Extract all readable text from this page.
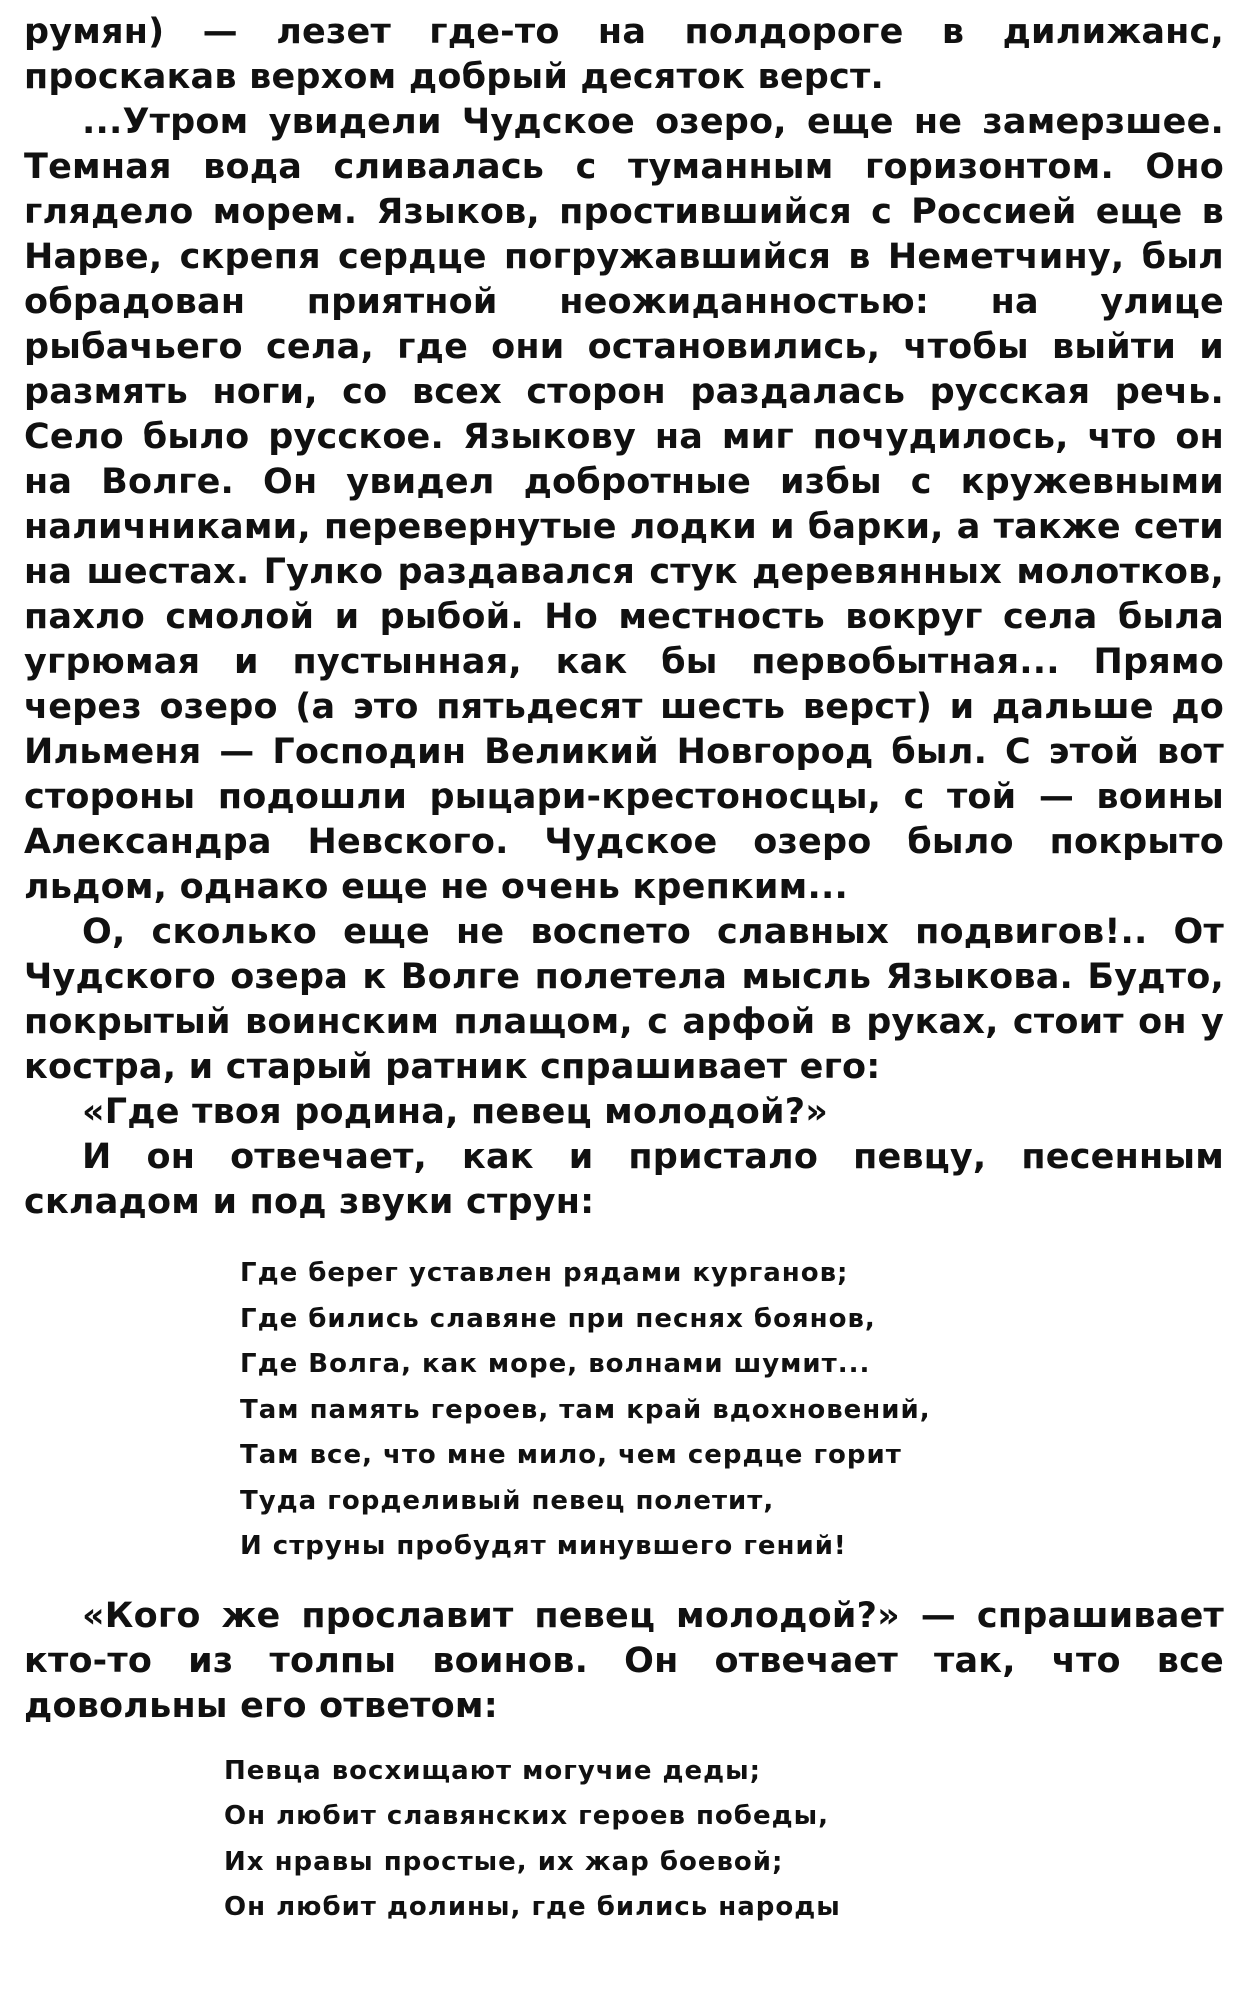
румян) — лезет где-то на полдороге в дилижанс, проскакав верхом добрый десяток верст.

...Утром увидели Чудское озеро, еще не замерзшее. Темная вода сливалась с туманным горизонтом. Оно глядело морем. Языков, простившийся с Россией еще в Нарве, скрепя сердце погружавшийся в Неметчину, был обрадован приятной неожиданностью: на улице рыбачьего села, где они остановились, чтобы выйти и размять ноги, со всех сторон раздалась русская речь. Село было русское. Языкову на миг почудилось, что он на Волге. Он увидел добротные избы с кружевными наличниками, перевернутые лодки и барки, а также сети на шестах. Гулко раздавался стук деревянных молотков, пахло смолой и рыбой. Но местность вокруг села была угрюмая и пустынная, как бы первобытная... Прямо через озеро (а это пятьдесят шесть верст) и дальше до Ильменя — Господин Великий Новгород был. С этой вот стороны подошли рыцари-крестоносцы, с той — воины Александра Невского. Чудское озеро было покрыто льдом, однако еще не очень крепким...

О, сколько еще не воспето славных подвигов!.. От Чудского озера к Волге полетела мысль Языкова. Будто, покрытый воинским плащом, с арфой в руках, стоит он у костра, и старый ратник спрашивает его:

«Где твоя родина, певец молодой?»

И он отвечает, как и пристало певцу, песенным складом и под звуки струн:

Где берег уставлен рядами курганов;
Где бились славяне при песнях боянов,
Где Волга, как море, волнами шумит...
Там память героев, там край вдохновений,
Там все, что мне мило, чем сердце горит
Туда горделивый певец полетит,
И струны пробудят минувшего гений!

«Кого же прославит певец молодой?» — спрашивает кто-то из толпы воинов. Он отвечает так, что все довольны его ответом:

Певца восхищают могучие деды;
Он любит славянских героев победы,
Их нравы простые, их жар боевой;
Он любит долины, где бились народы
